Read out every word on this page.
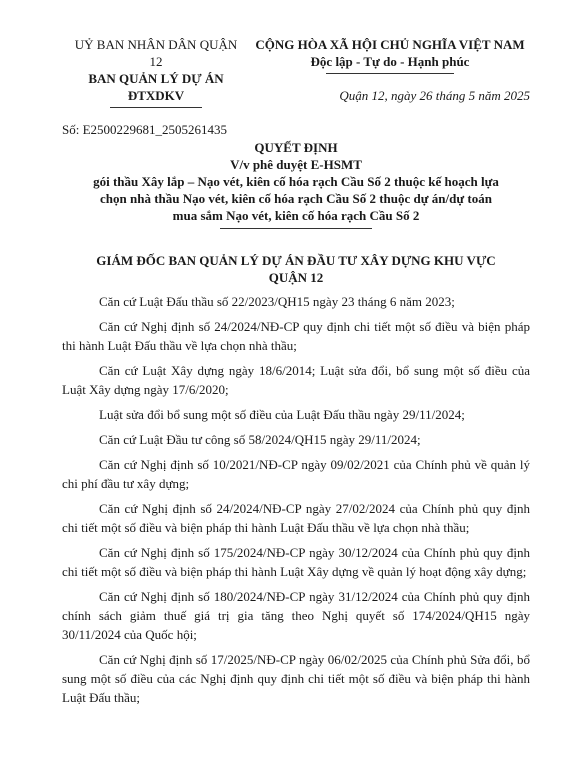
UỶ BAN NHÂN DÂN QUẬN
12
BAN QUẢN LÝ DỰ ÁN
ĐTXDKV
CỘNG HÒA XÃ HỘI CHỦ NGHĨA VIỆT NAM
Độc lập - Tự do - Hạnh phúc
Quận 12, ngày 26 tháng 5 năm 2025
Số: E2500229681_2505261435
QUYẾT ĐỊNH
V/v phê duyệt E-HSMT
gói thầu Xây lắp – Nạo vét, kiên cố hóa rạch Cầu Số 2 thuộc kế hoạch lựa
chọn nhà thầu Nạo vét, kiên cố hóa rạch Cầu Số 2 thuộc dự án/dự toán
mua sắm Nạo vét, kiên cố hóa rạch Cầu Số 2
GIÁM ĐỐC BAN QUẢN LÝ DỰ ÁN ĐẦU TƯ XÂY DỰNG KHU VỰC
QUẬN 12

Căn cứ Luật Đấu thầu số 22/2023/QH15 ngày 23 tháng 6 năm 2023;

Căn cứ Nghị định số 24/2024/NĐ-CP quy định chi tiết một số điều và biện pháp thi hành Luật Đấu thầu về lựa chọn nhà thầu;

Căn cứ Luật Xây dựng ngày 18/6/2014; Luật sửa đổi, bổ sung một số điều của Luật Xây dựng ngày 17/6/2020;

Luật sửa đổi bổ sung một số điều của Luật Đấu thầu ngày 29/11/2024;

Căn cứ Luật Đầu tư công số 58/2024/QH15 ngày 29/11/2024;

Căn cứ Nghị định số 10/2021/NĐ-CP ngày 09/02/2021 của Chính phủ về quản lý chi phí đầu tư xây dựng;

Căn cứ Nghị định số 24/2024/NĐ-CP ngày 27/02/2024 của Chính phủ quy định chi tiết một số điều và biện pháp thi hành Luật Đấu thầu về lựa chọn nhà thầu;

Căn cứ Nghị định số 175/2024/NĐ-CP ngày 30/12/2024 của Chính phủ quy định chi tiết một số điều và biện pháp thi hành Luật Xây dựng về quản lý hoạt động xây dựng;

Căn cứ Nghị định số 180/2024/NĐ-CP ngày 31/12/2024 của Chính phủ quy định chính sách giảm thuế giá trị gia tăng theo Nghị quyết số 174/2024/QH15 ngày 30/11/2024 của Quốc hội;

Căn cứ Nghị định số 17/2025/NĐ-CP ngày 06/02/2025 của Chính phủ Sửa đổi, bổ sung một số điều của các Nghị định quy định chi tiết một số điều và biện pháp thi hành Luật Đấu thầu;
